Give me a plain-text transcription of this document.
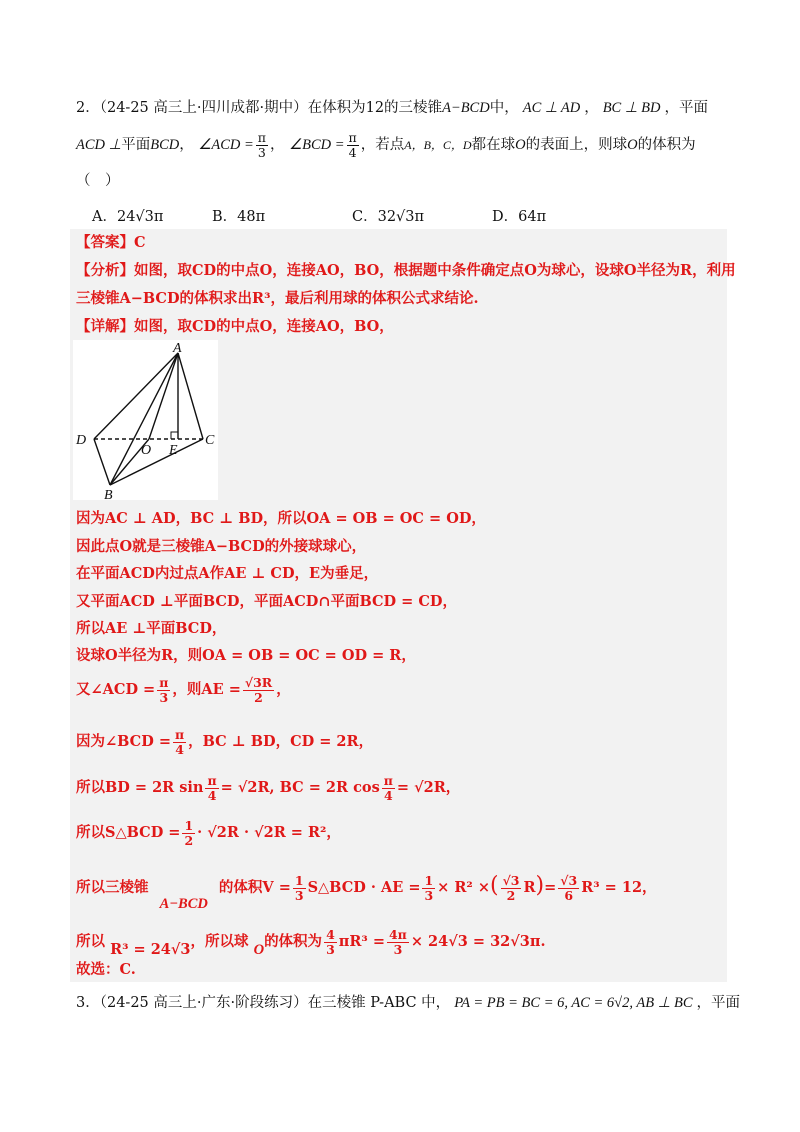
2．（24-25 高三上·四川成都·期中）在体积为12的三棱锥A−BCD中， AC ⊥ AD ， BC ⊥ BD ，平面
ACD ⊥平面BCD， ∠ACD = $\frac{\pi}{3}$ ， ∠BCD = $\frac{\pi}{4}$ ，若点A，B，C，D都在球O的表面上，则球O的体积为
（　）
A．24√3π	B．48π	C．32√3π	D．64π
【答案】C
【分析】如图，取CD的中点O，连接AO，BO，根据题中条件确定点O为球心，设球O半径为R，利用
三棱锥A−BCD的体积求出R³，最后利用球的体积公式求结论.
【详解】如图，取CD的中点O，连接AO，BO，
A
D
O E
C
B
因为AC ⊥ AD，BC ⊥ BD，所以OA = OB = OC = OD，
因此点O就是三棱锥A−BCD的外接球球心，
在平面ACD内过点A作AE ⊥ CD，E为垂足，
又平面ACD ⊥平面BCD，平面ACD∩平面BCD = CD，
所以AE ⊥平面BCD，
设球O半径为R，则OA = OB = OC = OD = R，
又∠ACD = $\frac{\pi}{3}$ ，则AE = $\frac{√3R}{2}$ ，
因为∠BCD = $\frac{\pi}{4}$ ，BC ⊥ BD，CD = 2R，
所以BD = 2R $\sin \frac{\pi}{4} = √2R$, BC = 2R $\cos \frac{\pi}{4} = √2R$，
所以S△BCD = $\frac{1}{2} \cdot √2R \cdot √2R = R^2$，
所以三棱锥 A−BCD 的体积$V = \frac{1}{3}$ S△BCD · AE = $\frac{1}{3} \times R^2$ ×( $\frac{√3}{2} R)= \frac{√3}{6} R^3 = 12$，
所以 R³ = 24√3，所以球 O的体积为 $\frac{4}{3} \pi R^3 = \frac{4\pi}{3} \times 24√3 = 32√3\pi$.
故选：C.
3．（24-25 高三上·广东·阶段练习）在三棱锥 P-ABC 中， PA = PB = BC = 6, AC = 6√2, AB ⊥ BC ，平面
